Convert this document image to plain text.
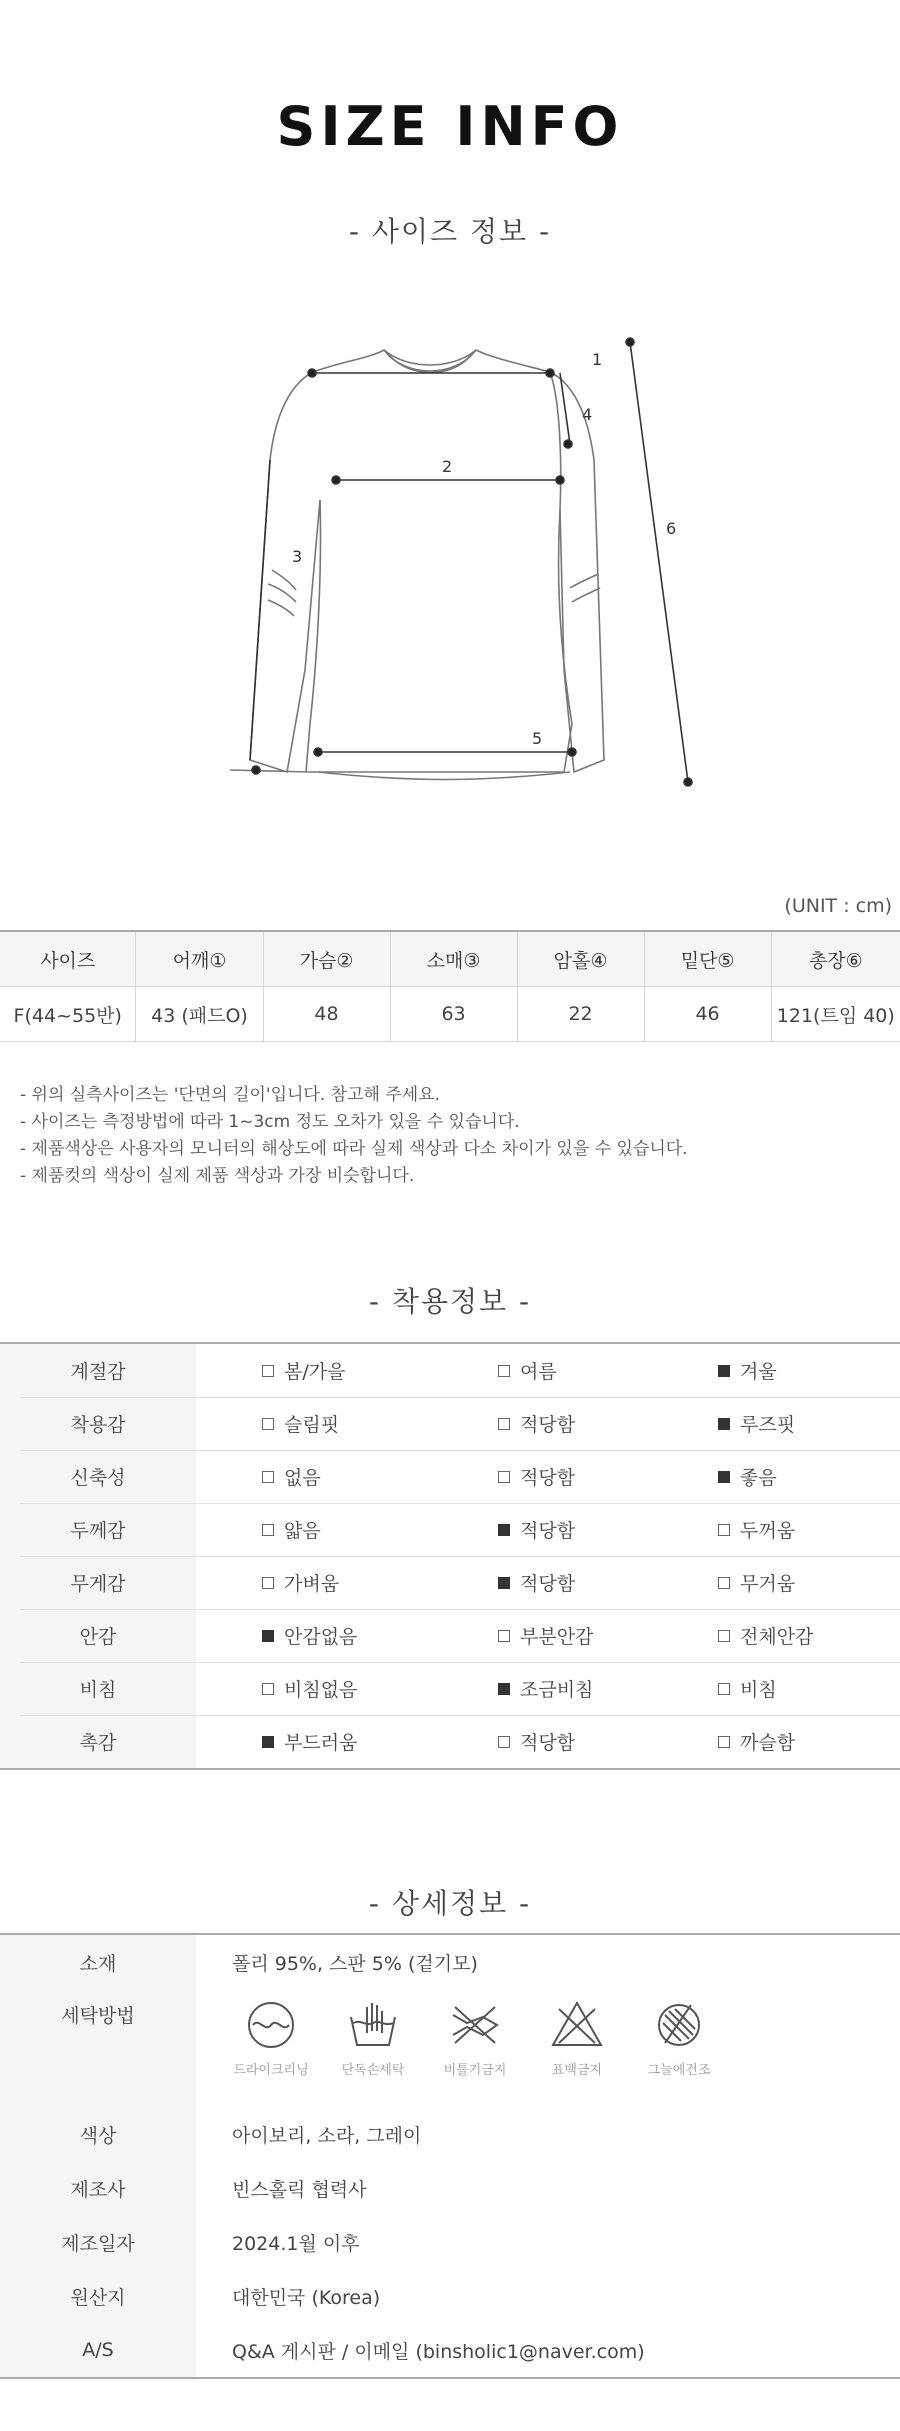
SIZE INFO
- 사이즈 정보 -
1
2
3
4
5
6
(UNIT : cm)
사이즈	어깨①	가슴②	소매③	암홀④	밑단⑤	총장⑥
F(44~55반)	43 (패드O)	48	63	22	46	121(트임 40)
- 위의 실측사이즈는 '단면의 길이'입니다. 참고해 주세요.
- 사이즈는 측정방법에 따라 1~3cm 정도 오차가 있을 수 있습니다.
- 제품색상은 사용자의 모니터의 해상도에 따라 실제 색상과 다소 차이가 있을 수 있습니다.
- 제품컷의 색상이 실제 제품 색상과 가장 비슷합니다.
- 착용정보 -
계절감	봄/가을	여름	겨울
착용감	슬림핏	적당함	루즈핏
신축성	없음	적당함	좋음
두께감	얇음	적당함	두꺼움
무게감	가벼움	적당함	무거움
안감	안감없음	부분안감	전체안감
비침	비침없음	조금비침	비침
촉감	부드러움	적당함	까슬함
- 상세정보 -
소재	폴리 95%, 스판 5% (겉기모)
세탁방법
드라이크리닝	단독손세탁	비틀기금지	표백금지	그늘에건조
색상	아이보리, 소라, 그레이
제조사	빈스홀릭 협력사
제조일자	2024.1월 이후
원산지	대한민국 (Korea)
A/S	Q&A 게시판 / 이메일 (binsholic1@naver.com)
